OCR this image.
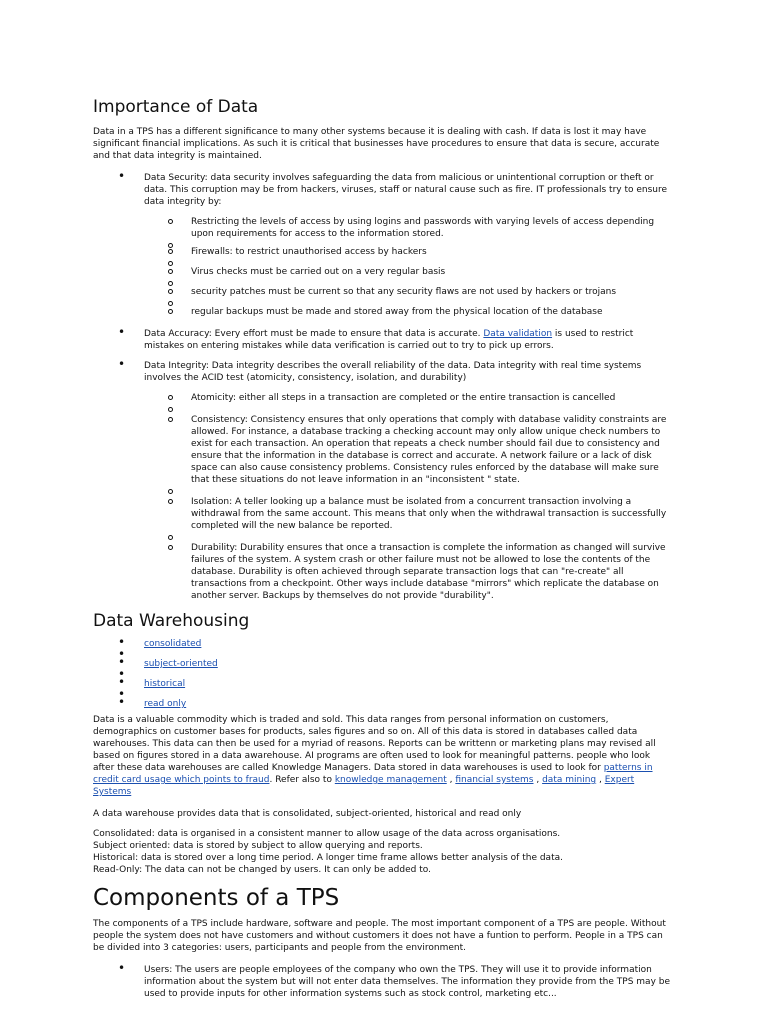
Importance of Data

Data in a TPS has a different significance to many other systems because it is dealing with cash. If data is lost it may have significant financial implications. As such it is critical that businesses have procedures to ensure that data is secure, accurate and that data integrity is maintained.

• Data Security: data security involves safeguarding the data from malicious or unintentional corruption or theft or data. This corruption may be from hackers, viruses, staff or natural cause such as fire. IT professionals try to ensure data integrity by:
Restricting the levels of access by using logins and passwords with varying levels of access depending upon requirements for access to the information stored.
Firewalls: to restrict unauthorised access by hackers
Virus checks must be carried out on a very regular basis
security patches must be current so that any security flaws are not used by hackers or trojans
regular backups must be made and stored away from the physical location of the database
• Data Accuracy: Every effort must be made to ensure that data is accurate. Data validation is used to restrict mistakes on entering mistakes while data verification is carried out to try to pick up errors.
• Data Integrity: Data integrity describes the overall reliability of the data. Data integrity with real time systems involves the ACID test (atomicity, consistency, isolation, and durability)
Atomicity: either all steps in a transaction are completed or the entire transaction is cancelled
Consistency: Consistency ensures that only operations that comply with database validity constraints are allowed. For instance, a database tracking a checking account may only allow unique check numbers to exist for each transaction. An operation that repeats a check number should fail due to consistency and ensure that the information in the database is correct and accurate. A network failure or a lack of disk space can also cause consistency problems. Consistency rules enforced by the database will make sure that these situations do not leave information in an "inconsistent " state.
Isolation: A teller looking up a balance must be isolated from a concurrent transaction involving a withdrawal from the same account. This means that only when the withdrawal transaction is successfully completed will the new balance be reported.
Durability: Durability ensures that once a transaction is complete the information as changed will survive failures of the system. A system crash or other failure must not be allowed to lose the contents of the database. Durability is often achieved through separate transaction logs that can "re-create" all transactions from a checkpoint. Other ways include database "mirrors" which replicate the database on another server. Backups by themselves do not provide "durability".
Data Warehousing
• consolidated
•
• subject-oriented
•
• historical
•
• read only

Data is a valuable commodity which is traded and sold. This data ranges from personal information on customers, demographics on customer bases for products, sales figures and so on. All of this data is stored in databases called data warehouses. This data can then be used for a myriad of reasons. Reports can be writtenn or marketing plans may revised all based on figures stored in a data awarehouse. AI programs are often used to look for meaningful patterns. people who look after these data warehouses are called Knowledge Managers. Data stored in data warehouses is used to look for patterns in credit card usage which points to fraud. Refer also to knowledge management , financial systems , data mining , Expert Systems

A data warehouse provides data that is consolidated, subject-oriented, historical and read only

Consolidated: data is organised in a consistent manner to allow usage of the data across organisations.

Subject oriented: data is stored by subject to allow querying and reports.

Historical: data is stored over a long time period. A longer time frame allows better analysis of the data.

Read-Only: The data can not be changed by users. It can only be added to.

Components of a TPS

The components of a TPS include hardware, software and people. The most important component of a TPS are people. Without people the system does not have customers and without customers it does not have a funtion to perform. People in a TPS can be divided into 3 categories: users, participants and people from the environment.

• Users: The users are people employees of the company who own the TPS. They will use it to provide information information about the system but will not enter data themselves. The information they provide from the TPS may be used to provide inputs for other information systems such as stock control, marketing etc...
